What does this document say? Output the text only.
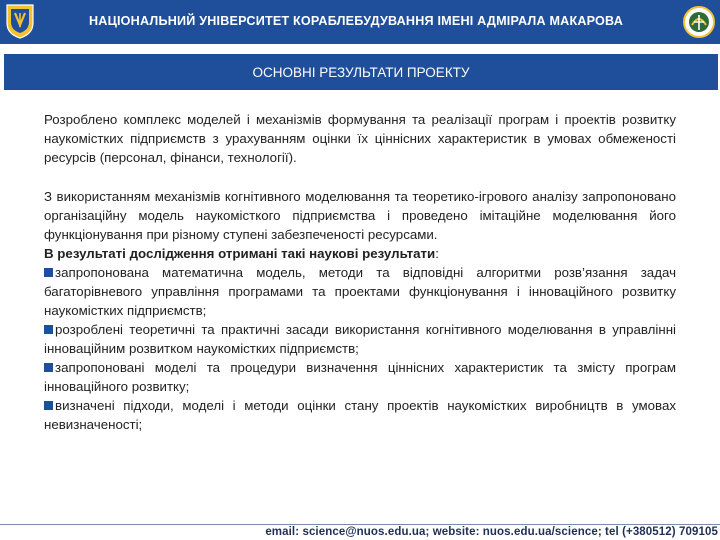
НАЦІОНАЛЬНИЙ УНІВЕРСИТЕТ КОРАБЛЕБУДУВАННЯ ІМЕНІ АДМІРАЛА МАКАРОВА
ОСНОВНІ РЕЗУЛЬТАТИ ПРОЕКТУ

Розроблено комплекс моделей і механізмів формування та реалізації програм і проектів розвитку наукомістких підприємств з урахуванням оцінки їх ціннісних характеристик в умовах обмеженості ресурсів (персонал, фінанси, технології).

З використанням механізмів когнітивного моделювання та теоретико-ігрового аналізу запропоновано організаційну модель наукомісткого підприємства і проведено імітаційне моделювання його функціонування при різному ступені забезпеченості ресурсами.

В результаті дослідження отримані такі наукові результати:

запропонована математична модель, методи та відповідні алгоритми розв’язання задач багаторівневого управління програмами та проектами функціонування і інноваційного розвитку наукомістких підприємств;

розроблені теоретичні та практичні засади використання когнітивного моделювання в управлінні інноваційним розвитком наукомістких підприємств;

запропоновані моделі та процедури визначення ціннісних характеристик та змісту програм інноваційного розвитку;

визначені підходи, моделі і методи оцінки стану проектів наукомістких виробництв в умовах невизначеності;

email: science@nuos.edu.ua; website: nuos.edu.ua/science; tel (+380512) 709105
